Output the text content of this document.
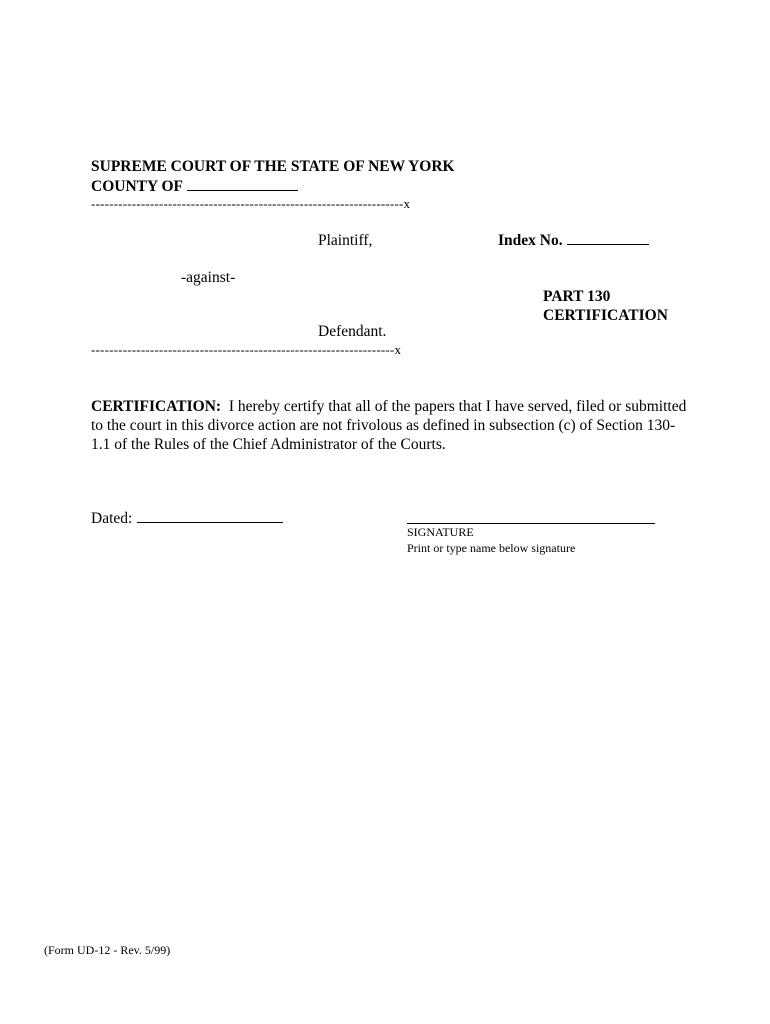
SUPREME COURT OF THE STATE OF NEW YORK
COUNTY OF
---------------------------------------------------------------------x
Plaintiff,	Index No.
-against-
PART 130
CERTIFICATION
Defendant.
-------------------------------------------------------------------x
CERTIFICATION: I hereby certify that all of the papers that I have served, filed or submitted to the court in this divorce action are not frivolous as defined in subsection (c) of Section 130-1.1 of the Rules of the Chief Administrator of the Courts.
Dated:
SIGNATURE
Print or type name below signature
(Form UD-12 - Rev. 5/99)
